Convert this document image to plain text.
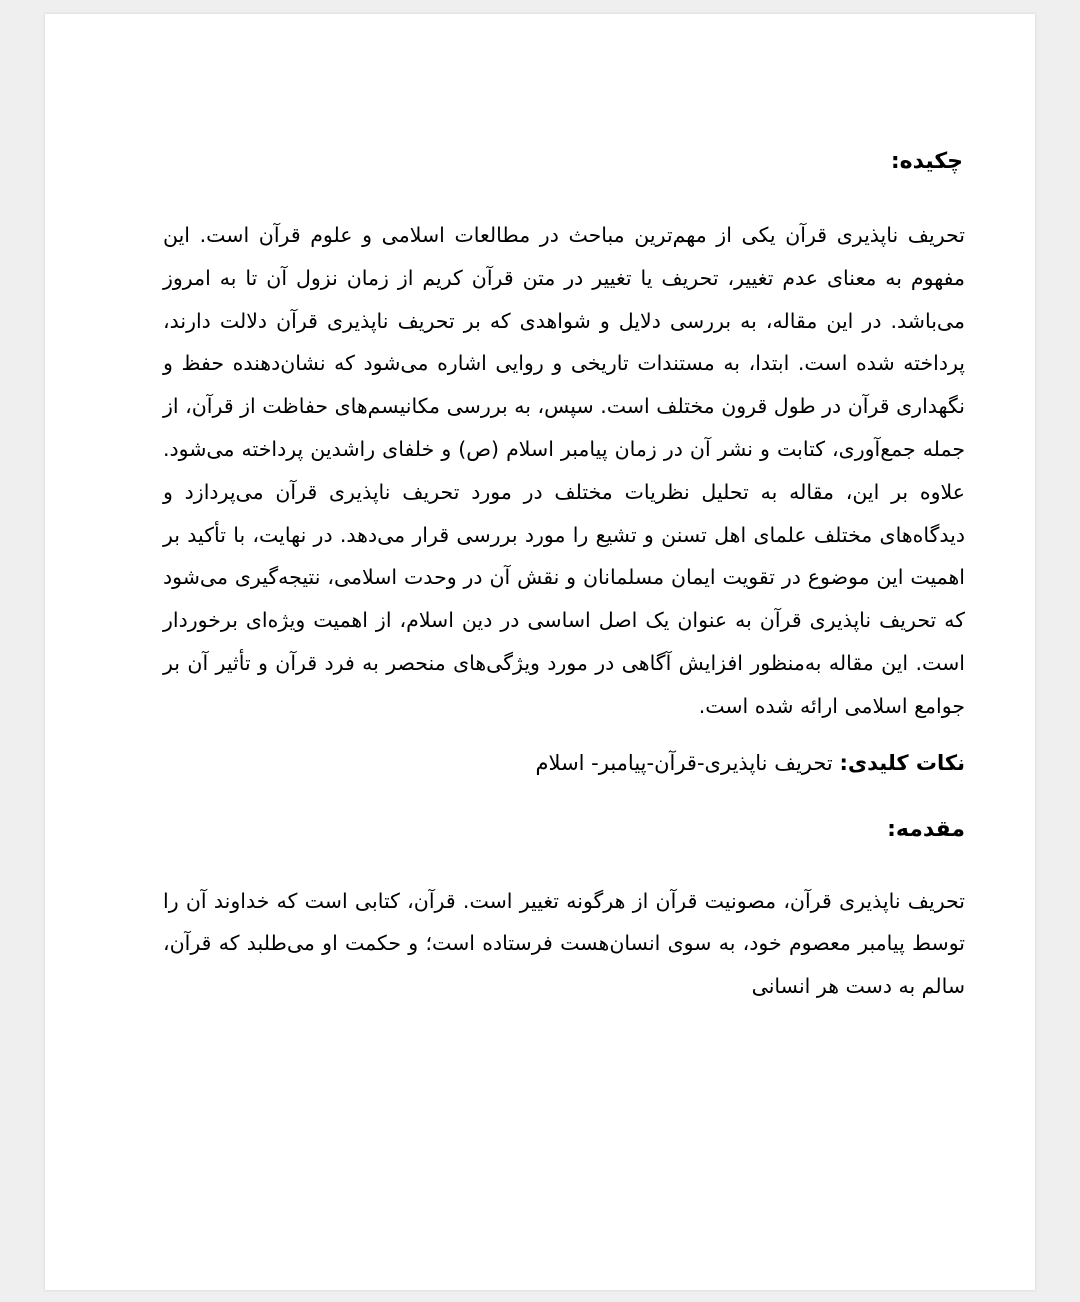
چکیده:

تحریف ناپذیری قرآن یکی از مهم‌ترین مباحث در مطالعات اسلامی و علوم قرآن است. این مفهوم به معنای عدم تغییر، تحریف یا تغییر در متن قرآن کریم از زمان نزول آن تا به امروز می‌باشد. در این مقاله، به بررسی دلایل و شواهدی که بر تحریف ناپذیری قرآن دلالت دارند، پرداخته شده است. ابتدا، به مستندات تاریخی و روایی اشاره می‌شود که نشان‌دهنده حفظ و نگهداری قرآن در طول قرون مختلف است. سپس، به بررسی مکانیسم‌های حفاظت از قرآن، از جمله جمع‌آوری، کتابت و نشر آن در زمان پیامبر اسلام (ص) و خلفای راشدین پرداخته می‌شود. علاوه بر این، مقاله به تحلیل نظریات مختلف در مورد تحریف ناپذیری قرآن می‌پردازد و دیدگاه‌های مختلف علمای اهل تسنن و تشیع را مورد بررسی قرار می‌دهد. در نهایت، با تأکید بر اهمیت این موضوع در تقویت ایمان مسلمانان و نقش آن در وحدت اسلامی، نتیجه‌گیری می‌شود که تحریف ناپذیری قرآن به عنوان یک اصل اساسی در دین اسلام، از اهمیت ویژه‌ای برخوردار است. این مقاله به‌منظور افزایش آگاهی در مورد ویژگی‌های منحصر به فرد قرآن و تأثیر آن بر جوامع اسلامی ارائه شده است.

نکات کلیدی: تحریف ناپذیری-قرآن-پیامبر- اسلام

مقدمه:

تحریف ناپذیری قرآن، مصونیت قرآن از هرگونه تغییر است. قرآن، کتابی است که خداوند آن را توسط پیامبر معصوم خود، به سوی انسان‌هست فرستاده است؛ و حکمت او می‌طلبد که قرآن، سالم به دست هر انسانی
